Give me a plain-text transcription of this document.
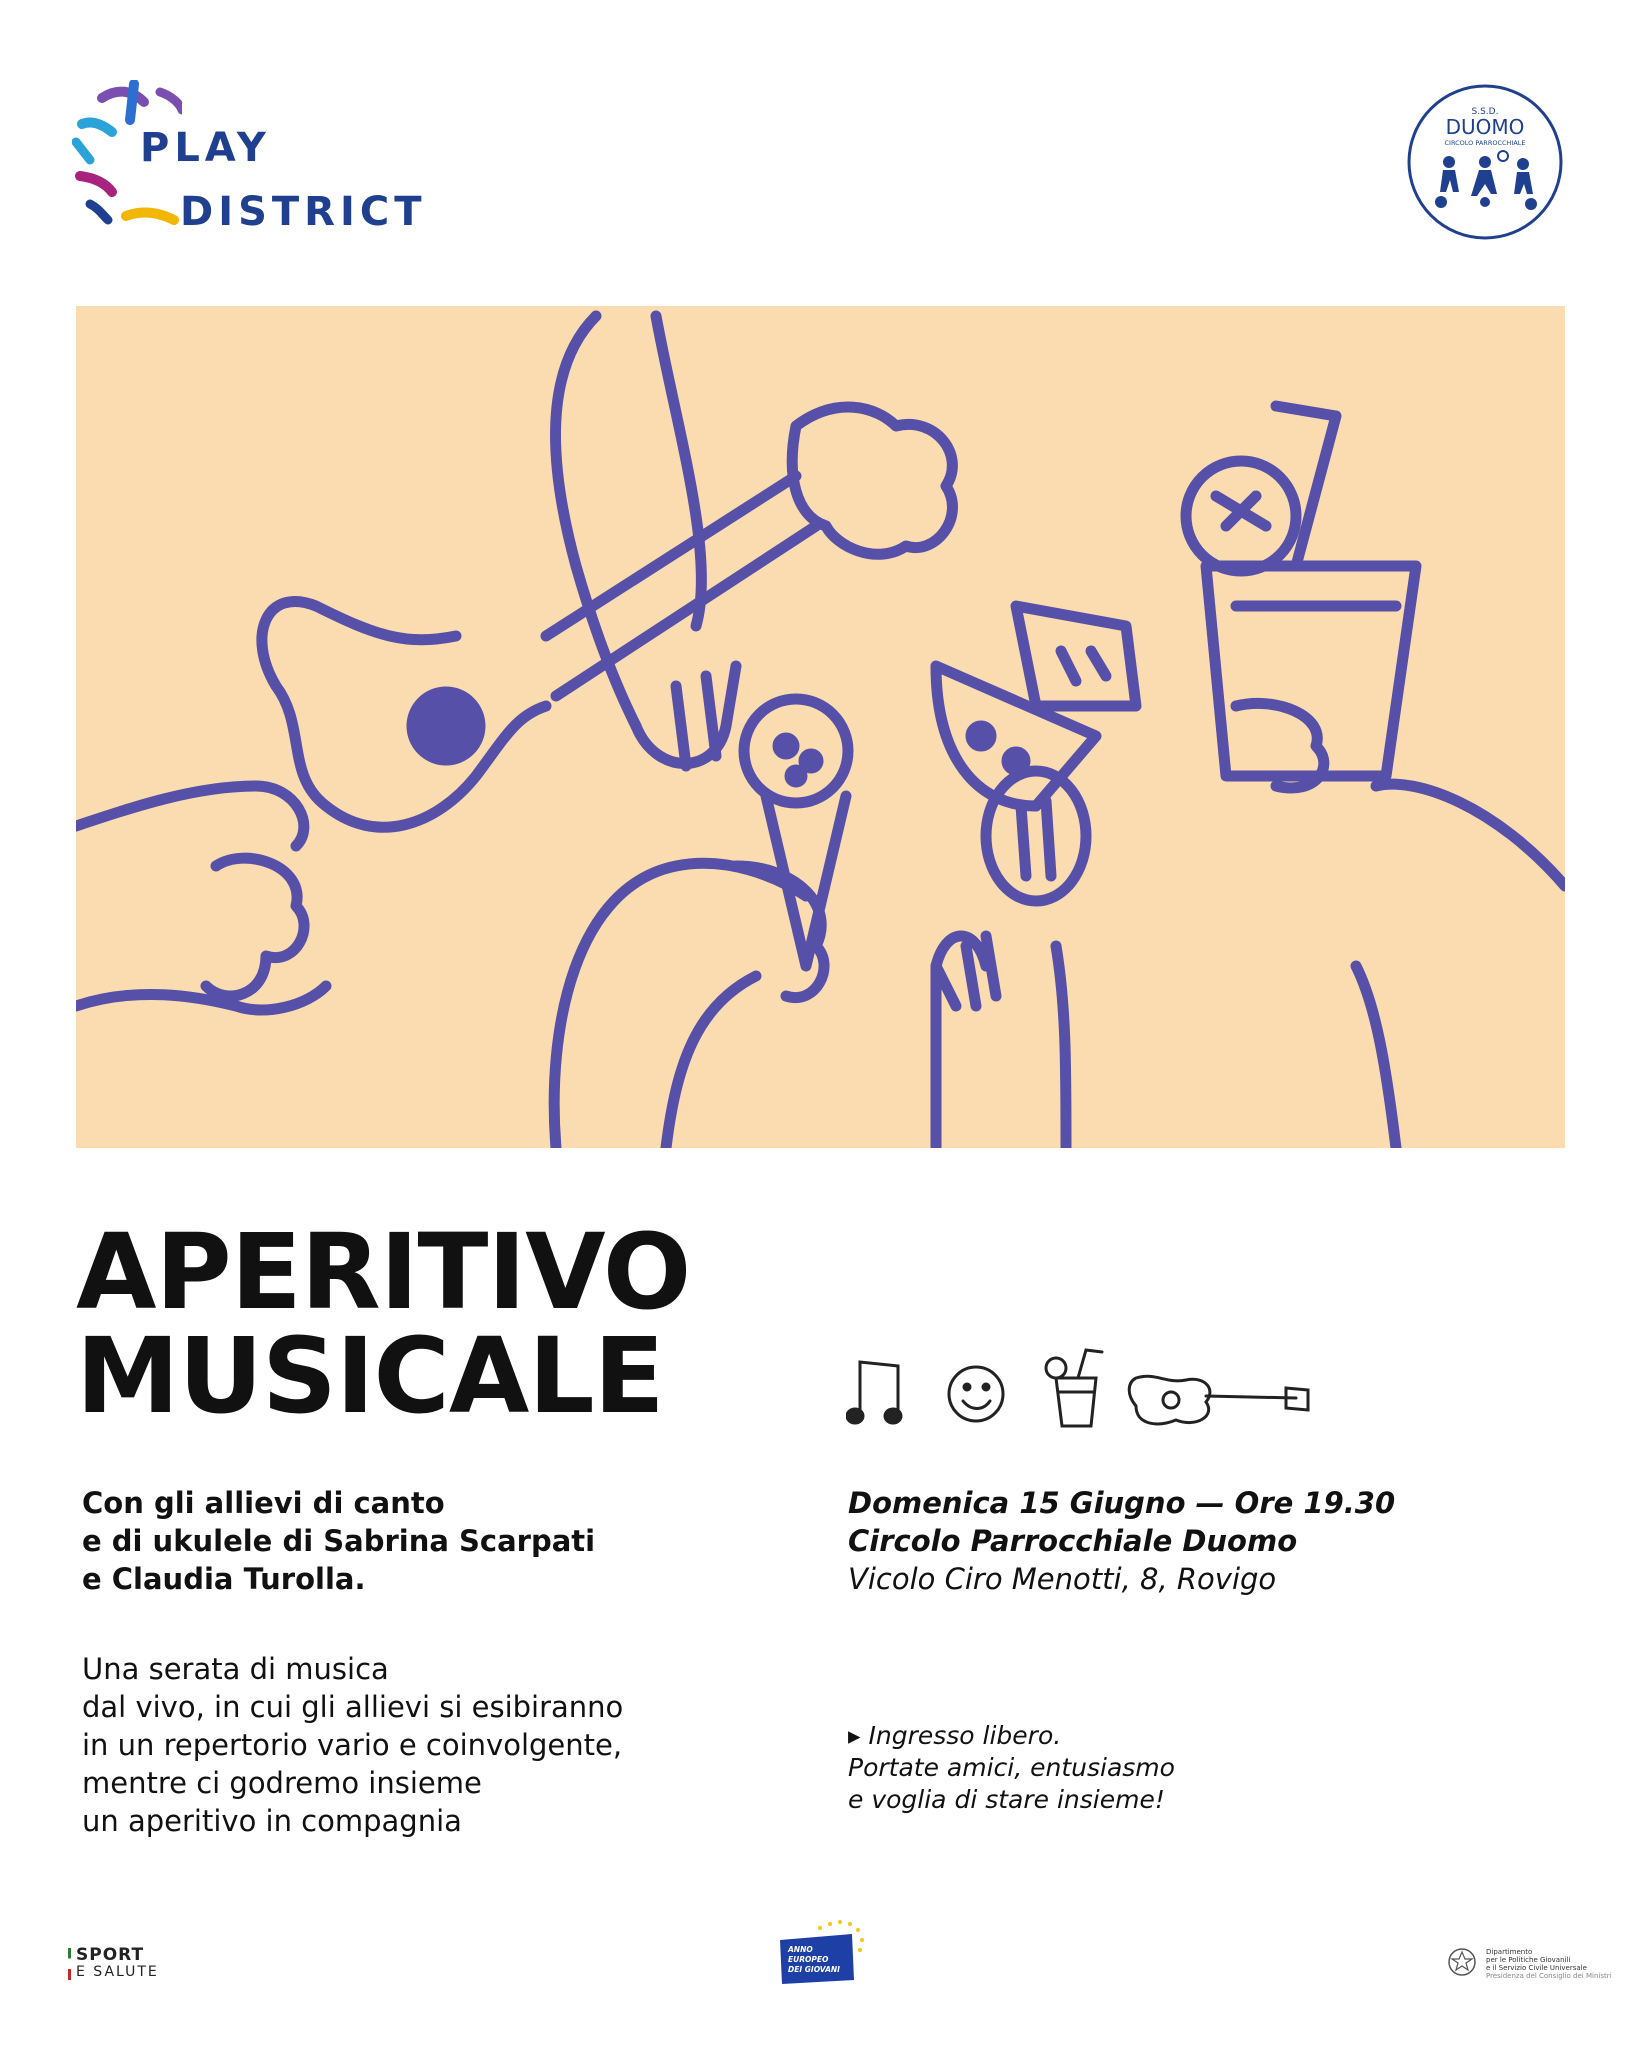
PLAY
DISTRICT
S.S.D.
DUOMO
CIRCOLO PARROCCHIALE
APERITIVO
MUSICALE
Con gli allievi di canto
e di ukulele di Sabrina Scarpati
e Claudia Turolla.
Una serata di musica
dal vivo, in cui gli allievi si esibiranno
in un repertorio vario e coinvolgente,
mentre ci godremo insieme
un aperitivo in compagnia
Domenica 15 Giugno — Ore 19.30
Circolo Parrocchiale Duomo
Vicolo Ciro Menotti, 8, Rovigo
▸ Ingresso libero.
Portate amici, entusiasmo
e voglia di stare insieme!
SPORT
E SALUTE
ANNO
EUROPEO
DEI GIOVANI
Dipartimento
per le Politiche Giovanili
e il Servizio Civile Universale
Presidenza del Consiglio dei Ministri
